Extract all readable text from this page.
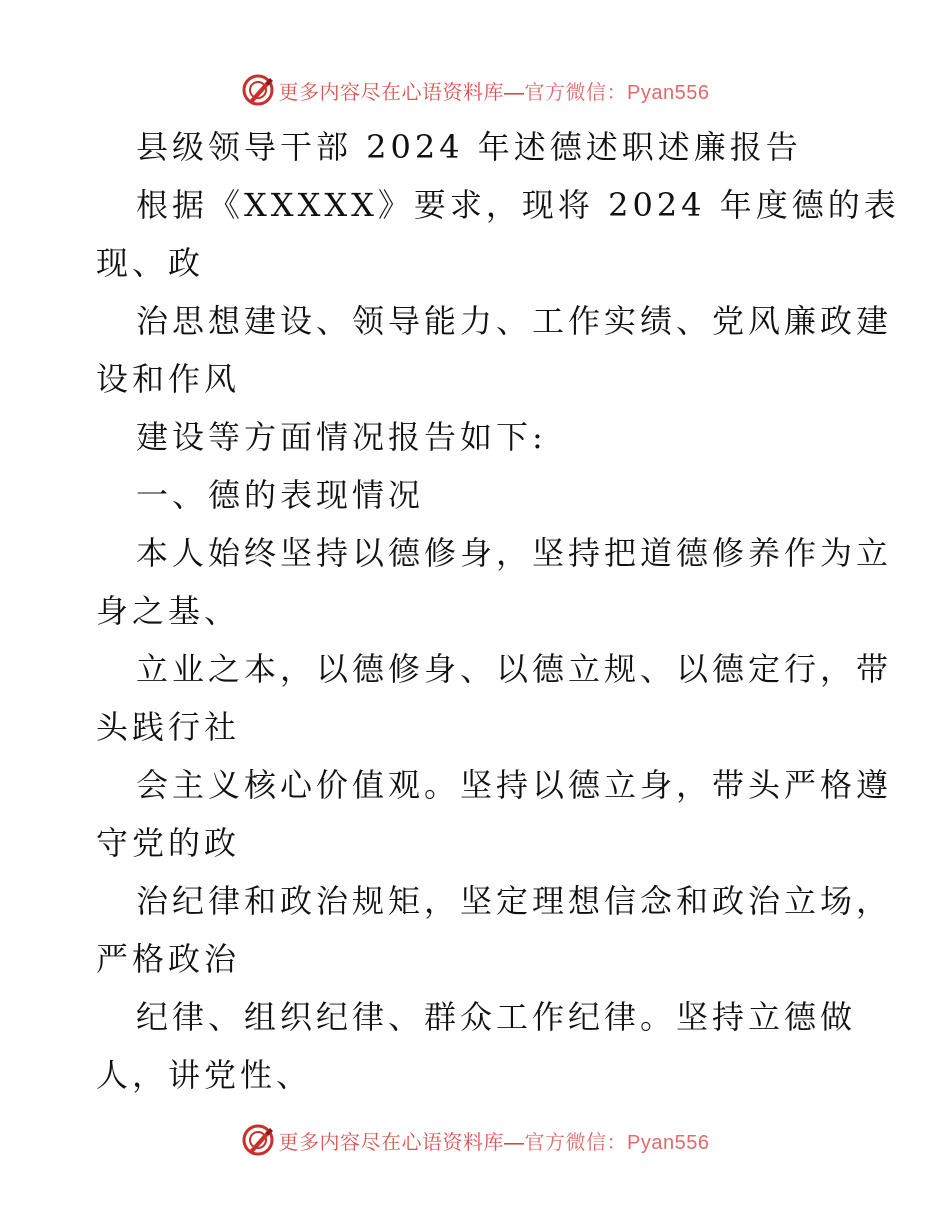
更多内容尽在心语资料库—官方微信：Pyan556
县级领导干部 2024 年述德述职述廉报告
根据《XXXXX》要求，现将 2024 年度德的表
现、政
治思想建设、领导能力、工作实绩、党风廉政建
设和作风
建设等方面情况报告如下:
一、德的表现情况
本人始终坚持以德修身，坚持把道德修养作为立
身之基、
立业之本，以德修身、以德立规、以德定行，带
头践行社
会主义核心价值观。坚持以德立身，带头严格遵
守党的政
治纪律和政治规矩，坚定理想信念和政治立场，
严格政治
纪律、组织纪律、群众工作纪律。坚持立德做
人，讲党性、
更多内容尽在心语资料库—官方微信：Pyan556
